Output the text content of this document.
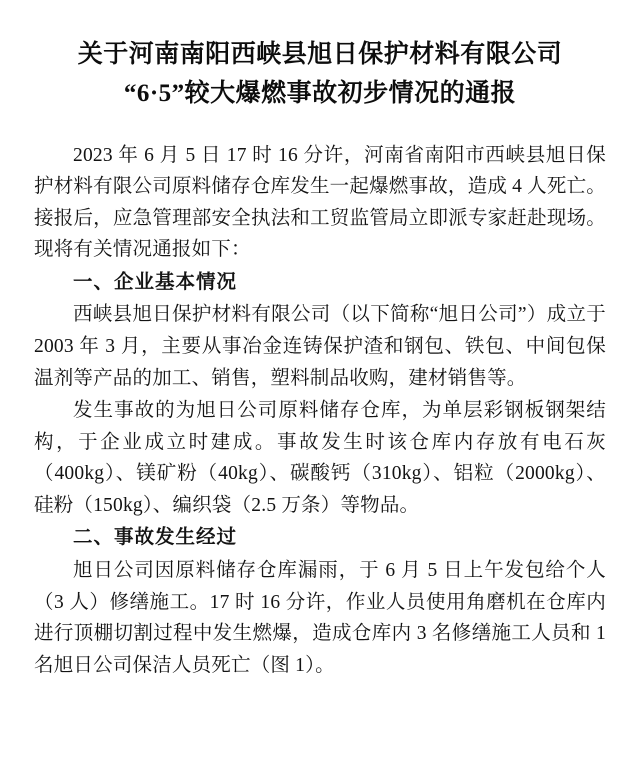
关于河南南阳西峡县旭日保护材料有限公司
“6·5”较大爆燃事故初步情况的通报

2023 年 6 月 5 日 17 时 16 分许，河南省南阳市西峡县旭日保护材料有限公司原料储存仓库发生一起爆燃事故，造成 4 人死亡。接报后，应急管理部安全执法和工贸监管局立即派专家赶赴现场。现将有关情况通报如下：

一、企业基本情况

西峡县旭日保护材料有限公司（以下简称“旭日公司”）成立于 2003 年 3 月，主要从事冶金连铸保护渣和钢包、铁包、中间包保温剂等产品的加工、销售，塑料制品收购，建材销售等。

发生事故的为旭日公司原料储存仓库，为单层彩钢板钢架结构，于企业成立时建成。事故发生时该仓库内存放有电石灰（400kg）、镁矿粉（40kg）、碳酸钙（310kg）、铝粒（2000kg）、硅粉（150kg）、编织袋（2.5 万条）等物品。

二、事故发生经过

旭日公司因原料储存仓库漏雨，于 6 月 5 日上午发包给个人（3 人）修缮施工。17 时 16 分许，作业人员使用角磨机在仓库内进行顶棚切割过程中发生燃爆，造成仓库内 3 名修缮施工人员和 1 名旭日公司保洁人员死亡（图 1）。
